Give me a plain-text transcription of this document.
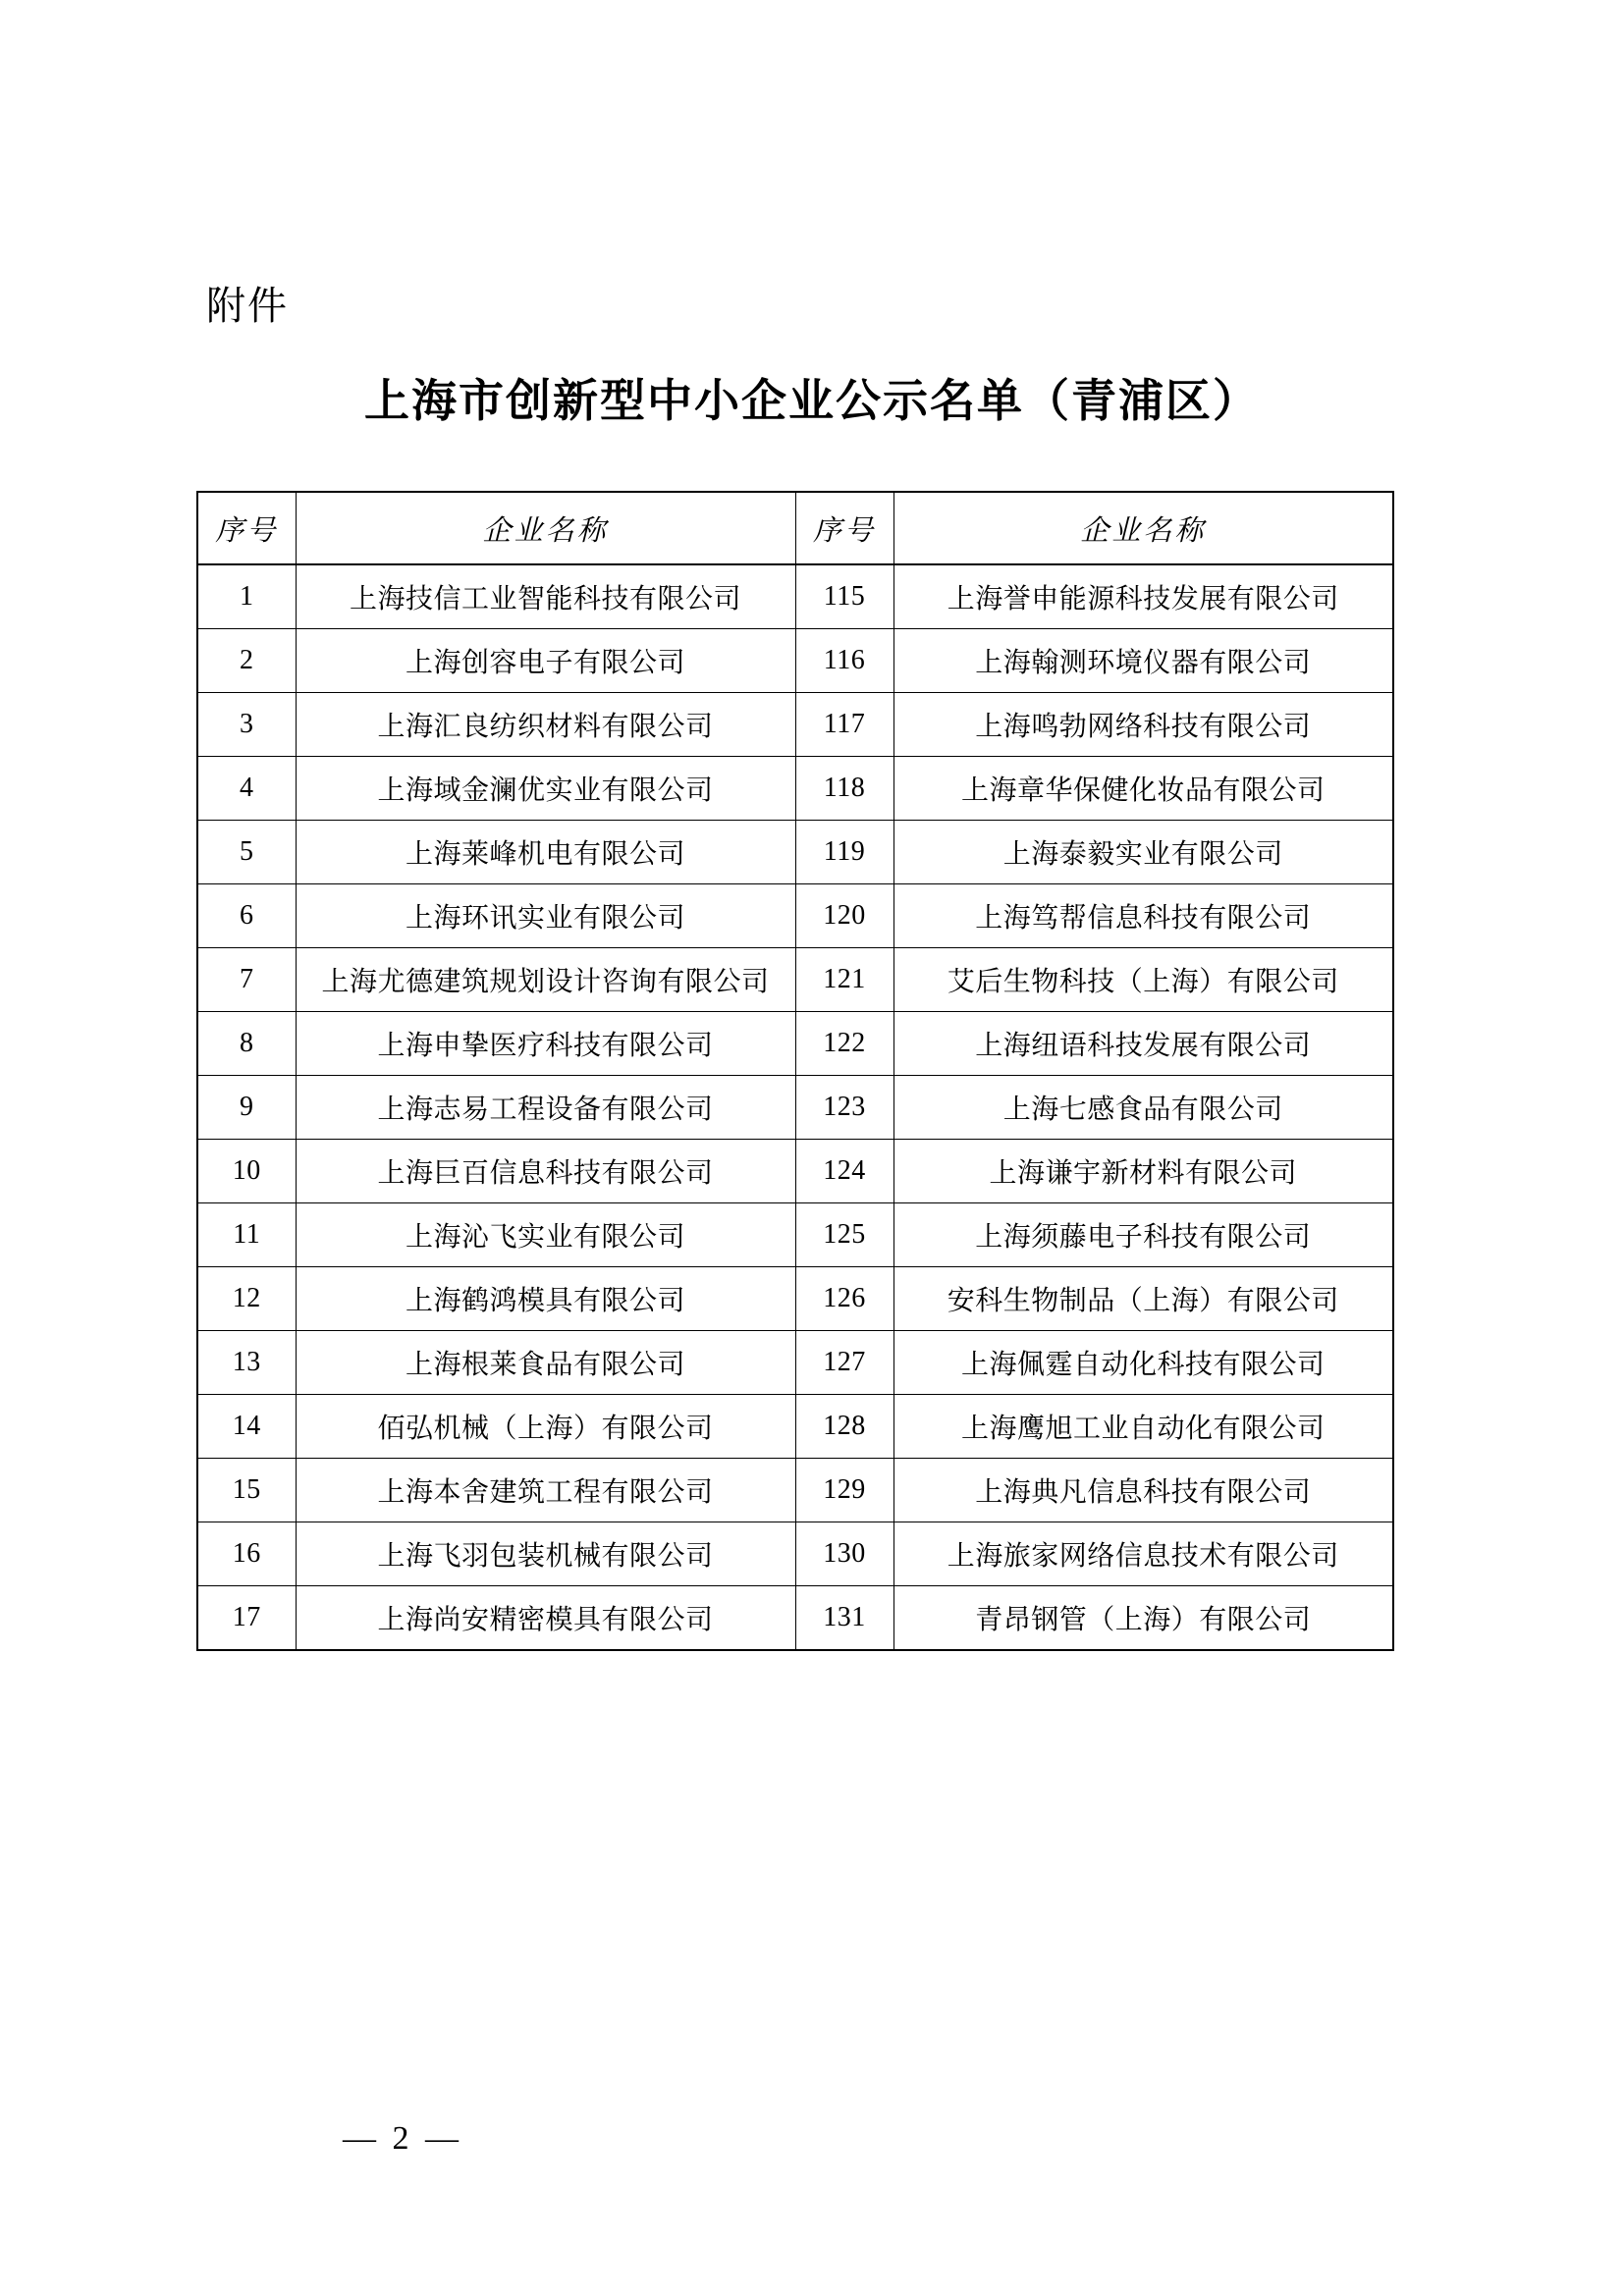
附件
上海市创新型中小企业公示名单（青浦区）
序号	企业名称	序号	企业名称
1	上海技信工业智能科技有限公司	115	上海誉申能源科技发展有限公司
2	上海创容电子有限公司	116	上海翰测环境仪器有限公司
3	上海汇良纺织材料有限公司	117	上海鸣勃网络科技有限公司
4	上海域金澜优实业有限公司	118	上海章华保健化妆品有限公司
5	上海莱峰机电有限公司	119	上海泰毅实业有限公司
6	上海环讯实业有限公司	120	上海笃帮信息科技有限公司
7	上海尤德建筑规划设计咨询有限公司	121	艾后生物科技（上海）有限公司
8	上海申挚医疗科技有限公司	122	上海纽语科技发展有限公司
9	上海志易工程设备有限公司	123	上海七感食品有限公司
10	上海巨百信息科技有限公司	124	上海谦宇新材料有限公司
11	上海沁飞实业有限公司	125	上海须藤电子科技有限公司
12	上海鹤鸿模具有限公司	126	安科生物制品（上海）有限公司
13	上海根莱食品有限公司	127	上海佩霆自动化科技有限公司
14	佰弘机械（上海）有限公司	128	上海鹰旭工业自动化有限公司
15	上海本舍建筑工程有限公司	129	上海典凡信息科技有限公司
16	上海飞羽包装机械有限公司	130	上海旅家网络信息技术有限公司
17	上海尚安精密模具有限公司	131	青昂钢管（上海）有限公司
— 2 —
